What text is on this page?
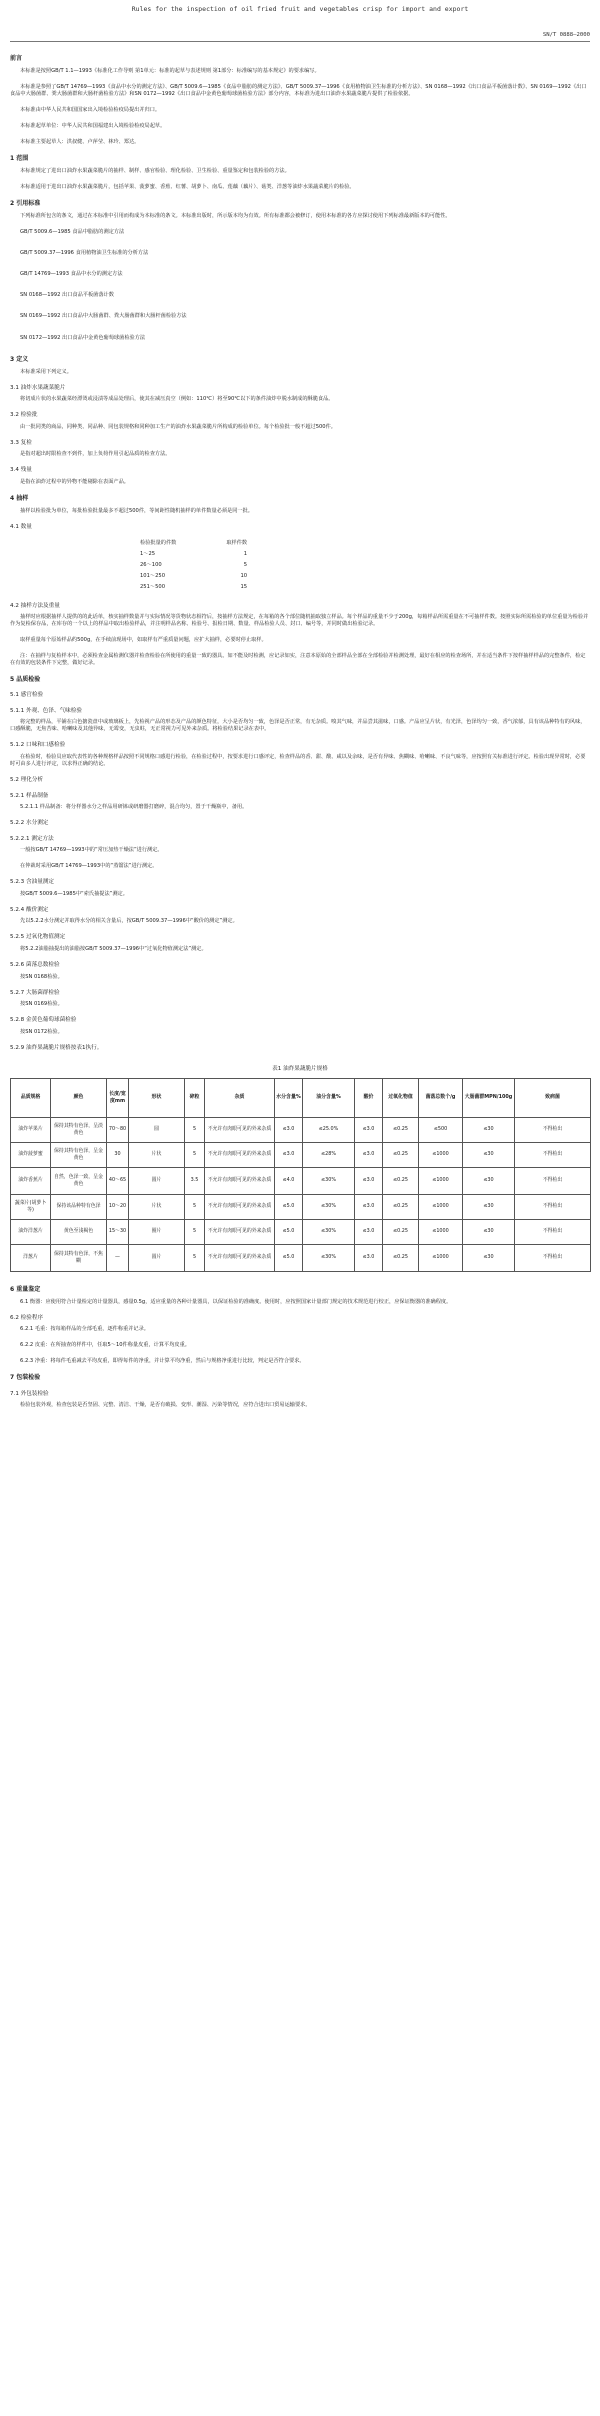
Rules for the inspection of oil fried fruit and vegetables crisp for import and export
SN/T 0888—2000
前言

本标准是按照GB/T 1.1—1993《标准化工作导则 第1单元：标准的起草与表述规则 第1部分：标准编写的基本规定》的要求编写。

本标准是参照了GB/T 14769—1993《食品中水分的测定方法》、GB/T 5009.6—1985《食品中脂肪的测定方法》、GB/T 5009.37—1996《食用植物油卫生标准的分析方法》、SN 0168—1992《出口食品平板菌落计数》、SN 0169—1992《出口食品中大肠菌群、粪大肠菌群和大肠杆菌检验方法》和SN 0172—1992《出口食品中金黄色葡萄球菌检验方法》部分内容，本标准为进出口油炸水果蔬菜脆片提供了检验依据。

本标准由中华人民共和国国家出入境检验检疫局提出并归口。

本标准起草单位：中华人民共和国福建出入境检验检疫局起草。

本标准主要起草人：洪叔健、卢萍莹、林玲、郑达。

1 范围

本标准规定了进出口油炸水果蔬菜脆片的抽样、制样、感官检验、理化检验、卫生检验、重量鉴定和包装检验的方法。

本标准适用于进出口油炸水果蔬菜脆片，包括苹果、菠萝蜜、香蕉、红薯、胡萝卜、南瓜、莲藕（藕片）、菇类、洋葱等油炸水果蔬菜脆片的检验。

2 引用标准

下列标准所包含的条文，通过在本标准中引用而构成为本标准的条文。本标准出版时，所示版本均为有效。所有标准都会被修订，使用本标准的各方应探讨使用下列标准最新版本的可能性。

GB/T 5009.6—1985 食品中脂肪的测定方法
GB/T 5009.37—1996 食用植物油卫生标准的分析方法
GB/T 14769—1993 食品中水分的测定方法
SN 0168—1992 出口食品平板菌落计数
SN 0169—1992 出口食品中大肠菌群、粪大肠菌群和大肠杆菌检验方法
SN 0172—1992 出口食品中金黄色葡萄球菌检验方法
3 定义

本标准采用下列定义。

3.1 油炸水果蔬菜脆片

将切成片状的水果蔬菜经漂烫或浸渍等成品处理后，使其在减压真空（例如：110℃）将至90℃以下的条件油炸中脱水制成的酥脆食品。

3.2 检验批

由一批同类的商品，同种类、同品种、同包装规格和同种加工生产的油炸水果蔬菜脆片所构成的检验单位。每个检验批一般不超过500件。

3.3 复检

是指对超出时限检查不到件，加上负荷作用引起品质的检查方法。

3.4 残量

是指在油炸过程中的异物不能剔除在表面产品。

4 抽样

抽样以检验批为单位，每批检验批量最多不超过500件，等间距性随机抽样的单件数量必须是同一批。

4.1 数量
检验批量的件数	取样件数
1～25	1
26～100	5
101～250	10
251～500	15
4.2 抽样方法及重量

抽样时应根据抽样人提供的的此话单，核实抽样数量并与实际情况等货物状态相符后，按抽样方法规定，在每箱的各个部位随机抽取独立样品。每个样品的重量不少于200g，每箱样品所需重量在不可抽样件数。按照实际所需检验的单位重量为检验并作为复检保存品，在库存的一个以上的样品中取出检验样品，并注明样品名称、检验号、报检日期、数量、样品检验人员、封口、编号等，并同时做出检验记录。

取样重量每个原始样品约500g，在手续前现场中，如取样有严重质量问题，应扩大抽样，必要时停止取样。

注：在抽样与复检样本中，必须检查金属检测仪器并检查检验在所使用的重量一致的器具。如不能及时检测，应记录如实，注意本原始的全部样品全部在全部检验并检测处理，最好在相应的检查场所，并在适当条件下按样抽样样品的完整条件，检定在有效的包装条件下完整，做好记录。

5 品质检验
5.1 感官检验
5.1.1 外观、色泽、气味检验

将完整的样品，平铺在白色搪瓷盘中或玻璃板上，先检视产品的形态及产品的颜色特征，大小是否均匀一致，色泽是否正常，有无杂质。嗅其气味，并品尝其滋味，口感。产品应呈片状，有光泽，色泽均匀一致，香气浓郁，具有该品种特有的风味，口感酥脆，无焦苦味、哈喇味及其他异味，无霉变，无虫蛀，无正常视力可见外来杂质。将检验结果记录在表中。

5.1.2 口味和口感检验

在检验时，检验员应取代表性的各种规格样品按照不同规格口感进行检验，在检验过程中，按要求进行口感评定，检查样品的香、甜、酸、咸以及余味，是否有异味、焦糊味、哈喇味、不良气味等，应按照有关标准进行评定。检验出现异常时，必要时可由多人进行评定，以求得正确的结论。

5.2 理化分析
5.2.1 样品制备

5.2.1.1 样品制备：将分样器水分之样品用研钵或研磨器打磨碎，混合均匀，置于干燥瓶中，备用。

5.2.2 水分测定
5.2.2.1 测定方法

一般按GB/T 14769—1993中的“常压加热干燥法”进行测定。

在仲裁时采用GB/T 14769—1993中的“蒸馏法”进行测定。

5.2.3 含油量测定

按GB/T 5009.6—1985中“索氏抽提法”测定。

5.2.4 酸价测定

先以5.2.2水分测定并取得水分的相关含量后，按GB/T 5009.37—1996中“酸价的测定”测定。

5.2.5 过氧化物值测定

将5.2.2油脂抽提出的油脂按GB/T 5009.37—1996中“过氧化物值测定法”测定。

5.2.6 菌落总数检验

按SN 0168检验。

5.2.7 大肠菌群检验

按SN 0169检验。

5.2.8 金黄色葡萄球菌检验

按SN 0172检验。

5.2.9 油炸果蔬脆片规格按表1执行。
表1 油炸果蔬脆片规格
品质规格	颜色	长度/宽度mm	形状	碎粒	杂质	水分含量%	油分含量%	酸价	过氧化物值	菌落总数个/g	大肠菌群MPN/100g	致病菌
油炸苹果片	保持其特有色泽，呈淡黄色	70～80	圆	5	不允许有肉眼可见的外来杂质	≤3.0	≤25.0%	≤3.0	≤0.25	≤500	≤30	不得检出
油炸菠萝蜜	保持其特有色泽，呈金黄色	30	片状	5	不允许有肉眼可见的外来杂质	≤3.0	≤28%	≤3.0	≤0.25	≤1000	≤30	不得检出
油炸香蕉片	自然，色泽一致，呈金黄色	40～65	圆片	3.5	不允许有肉眼可见的外来杂质	≤4.0	≤30%	≤3.0	≤0.25	≤1000	≤30	不得检出
蔬菜片(胡萝卜等)	保持该品种特有色泽	10～20	片状	5	不允许有肉眼可见的外来杂质	≤5.0	≤30%	≤3.0	≤0.25	≤1000	≤30	不得检出
油炸洋葱片	黄色至浅褐色	15～30	圈片	5	不允许有肉眼可见的外来杂质	≤5.0	≤30%	≤3.0	≤0.25	≤1000	≤30	不得检出
洋葱片	保持其特有色泽，不焦糊	—	圆片	5	不允许有肉眼可见的外来杂质	≤5.0	≤30%	≤3.0	≤0.25	≤1000	≤30	不得检出
6 重量鉴定

6.1 衡器：应使用符合计量检定的计量器具，感量0.5g，适应重量的各种计量器具，以保证检验的准确度。使用时，应按照国家计量部门规定的技术规范进行校正，应保证衡器的准确程度。

6.2 检验程序

6.2.1 毛重：按每箱样品的全部毛重，逐件称重并记录。

6.2.2 皮重：在所抽查的样件中，任取5～10件称量皮重，计算平均皮重。

6.2.3 净重：将每件毛重减去平均皮重，即得每件的净重，并计算平均净重，然后与规格净重进行比较，判定是否符合要求。

7 包装检验
7.1 外包装检验

检验包装外观，检查包装是否坚固、完整、清洁、干燥，是否有破损、变形、潮湿、污染等情况，应符合进出口贸易运输要求。
